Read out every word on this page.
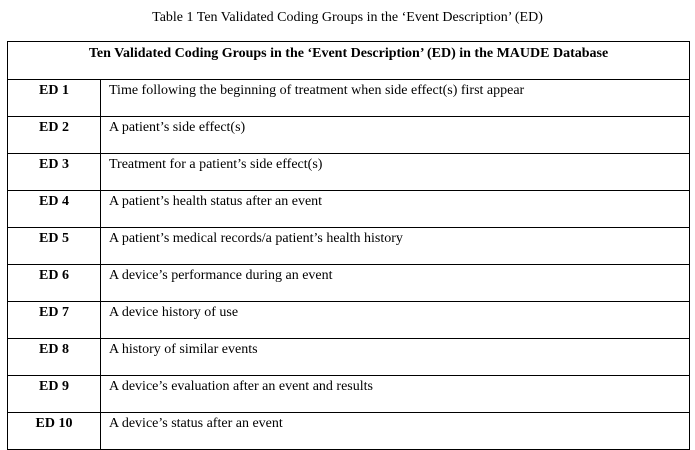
Table 1 Ten Validated Coding Groups in the ‘Event Description’ (ED)
Ten Validated Coding Groups in the ‘Event Description’ (ED) in the MAUDE Database	
ED 1	Time following the beginning of treatment when side effect(s) first appear
ED 2	A patient’s side effect(s)
ED 3	Treatment for a patient’s side effect(s)
ED 4	A patient’s health status after an event
ED 5	A patient’s medical records/a patient’s health history
ED 6	A device’s performance during an event
ED 7	A device history of use
ED 8	A history of similar events
ED 9	A device’s evaluation after an event and results
ED 10	A device’s status after an event
